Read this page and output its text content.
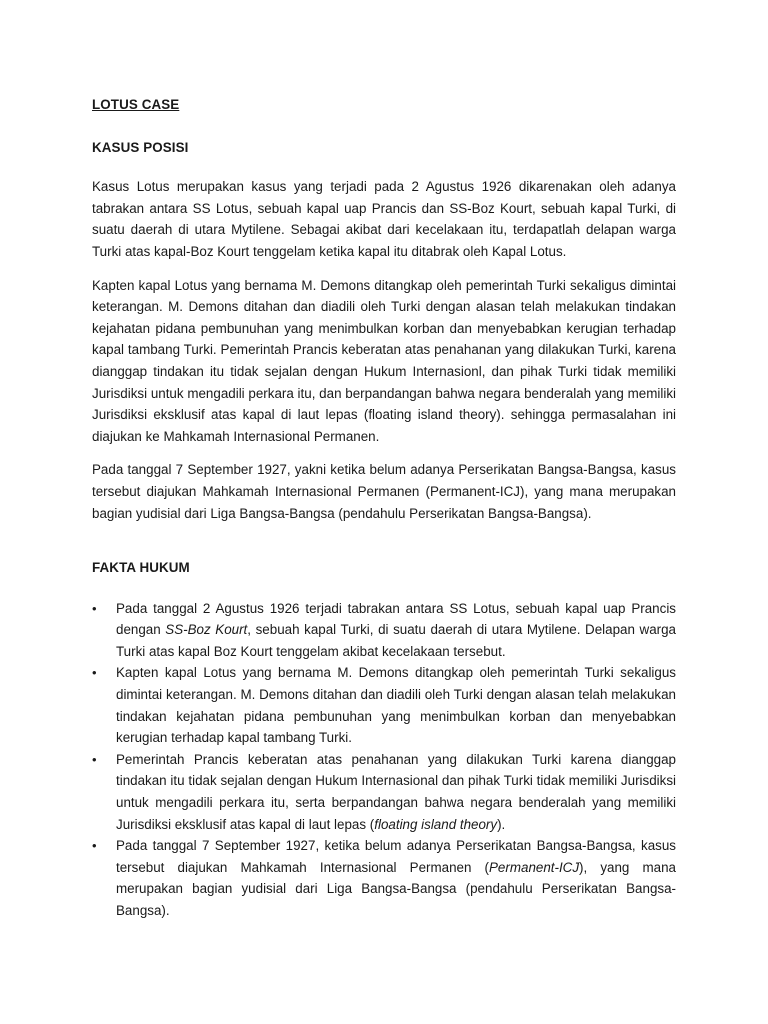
LOTUS CASE
KASUS POSISI

Kasus Lotus merupakan kasus yang terjadi pada 2 Agustus 1926 dikarenakan oleh adanya tabrakan antara SS Lotus, sebuah kapal uap Prancis dan SS-Boz Kourt, sebuah kapal Turki, di suatu daerah di utara Mytilene. Sebagai akibat dari kecelakaan itu, terdapatlah delapan warga Turki atas kapal-Boz Kourt tenggelam ketika kapal itu ditabrak oleh Kapal Lotus.

Kapten kapal Lotus yang bernama M. Demons ditangkap oleh pemerintah Turki sekaligus dimintai keterangan. M. Demons ditahan dan diadili oleh Turki dengan alasan telah melakukan tindakan kejahatan pidana pembunuhan yang menimbulkan korban dan menyebabkan kerugian terhadap kapal tambang Turki. Pemerintah Prancis keberatan atas penahanan yang dilakukan Turki, karena dianggap tindakan itu tidak sejalan dengan Hukum Internasionl, dan pihak Turki tidak memiliki Jurisdiksi untuk mengadili perkara itu, dan berpandangan bahwa negara benderalah yang memiliki Jurisdiksi eksklusif atas kapal di laut lepas (floating island theory). sehingga permasalahan ini diajukan ke Mahkamah Internasional Permanen.

Pada tanggal 7 September 1927, yakni ketika belum adanya Perserikatan Bangsa-Bangsa, kasus tersebut diajukan Mahkamah Internasional Permanen (Permanent-ICJ), yang mana merupakan bagian yudisial dari Liga Bangsa-Bangsa (pendahulu Perserikatan Bangsa-Bangsa).

FAKTA HUKUM
•	Pada tanggal 2 Agustus 1926 terjadi tabrakan antara SS Lotus, sebuah kapal uap Prancis dengan SS-Boz Kourt, sebuah kapal Turki, di suatu daerah di utara Mytilene. Delapan warga Turki atas kapal Boz Kourt tenggelam akibat kecelakaan tersebut.
•	Kapten kapal Lotus yang bernama M. Demons ditangkap oleh pemerintah Turki sekaligus dimintai keterangan. M. Demons ditahan dan diadili oleh Turki dengan alasan telah melakukan tindakan kejahatan pidana pembunuhan yang menimbulkan korban dan menyebabkan kerugian terhadap kapal tambang Turki.
•	Pemerintah Prancis keberatan atas penahanan yang dilakukan Turki karena dianggap tindakan itu tidak sejalan dengan Hukum Internasional dan pihak Turki tidak memiliki Jurisdiksi untuk mengadili perkara itu, serta berpandangan bahwa negara benderalah yang memiliki Jurisdiksi eksklusif atas kapal di laut lepas (floating island theory).
•	Pada tanggal 7 September 1927, ketika belum adanya Perserikatan Bangsa-Bangsa, kasus tersebut diajukan Mahkamah Internasional Permanen (Permanent-ICJ), yang mana merupakan bagian yudisial dari Liga Bangsa-Bangsa (pendahulu Perserikatan Bangsa-Bangsa).
